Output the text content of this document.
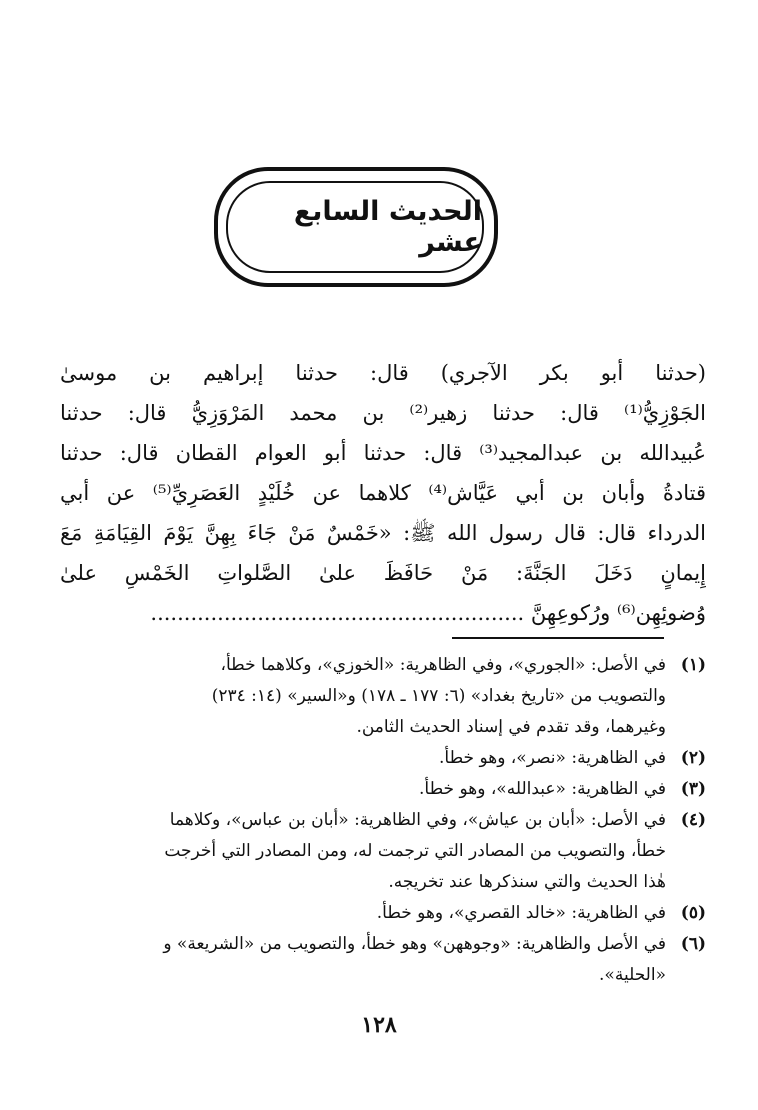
الحديث السابع عشر
(حدثنا أبو بكر الآجري) قال: حدثنا إبراهيم بن موسىٰ
الجَوْزِيُّ⁽¹⁾ قال: حدثنا زهير⁽²⁾ بن محمد المَرْوَزِيُّ قال: حدثنا
عُبيدالله بن عبدالمجيد⁽³⁾ قال: حدثنا أبو العوام القطان قال: حدثنا
قتادةُ وأبان بن أبي عَيَّاش⁽⁴⁾ كلاهما عن خُلَيْدٍ العَصَرِيِّ⁽⁵⁾ عن أبي
الدرداء قال: قال رسول الله ﷺ: «خَمْسٌ مَنْ جَاءَ بِهِنَّ يَوْمَ القِيَامَةِ مَعَ
إِيمانٍ دَخَلَ الجَنَّةَ: مَنْ حَافَظَ علىٰ الصَّلواتِ الخَمْسِ علىٰ
وُضوئِهِن⁽⁶⁾ ورُكوعِهِنَّ ........................................................
(١)
في الأصل: «الجوري»، وفي الظاهرية: «الخوزي»، وكلاهما خطأ،
والتصويب من «تاريخ بغداد» (٦: ١٧٧ ـ ١٧٨) و«السير» (١٤: ٢٣٤)
وغيرهما، وقد تقدم في إسناد الحديث الثامن.
(٢)
في الظاهرية: «نصر»، وهو خطأ.
(٣)
في الظاهرية: «عبدالله»، وهو خطأ.
(٤)
في الأصل: «أبان بن عياش»، وفي الظاهرية: «أبان بن عباس»، وكلاهما
خطأ، والتصويب من المصادر التي ترجمت له، ومن المصادر التي أخرجت
هٰذا الحديث والتي سنذكرها عند تخريجه.
(٥)
في الظاهرية: «خالد القصري»، وهو خطأ.
(٦)
في الأصل والظاهرية: «وجوههن» وهو خطأ، والتصويب من «الشريعة» و
«الحلية».
١٢٨
